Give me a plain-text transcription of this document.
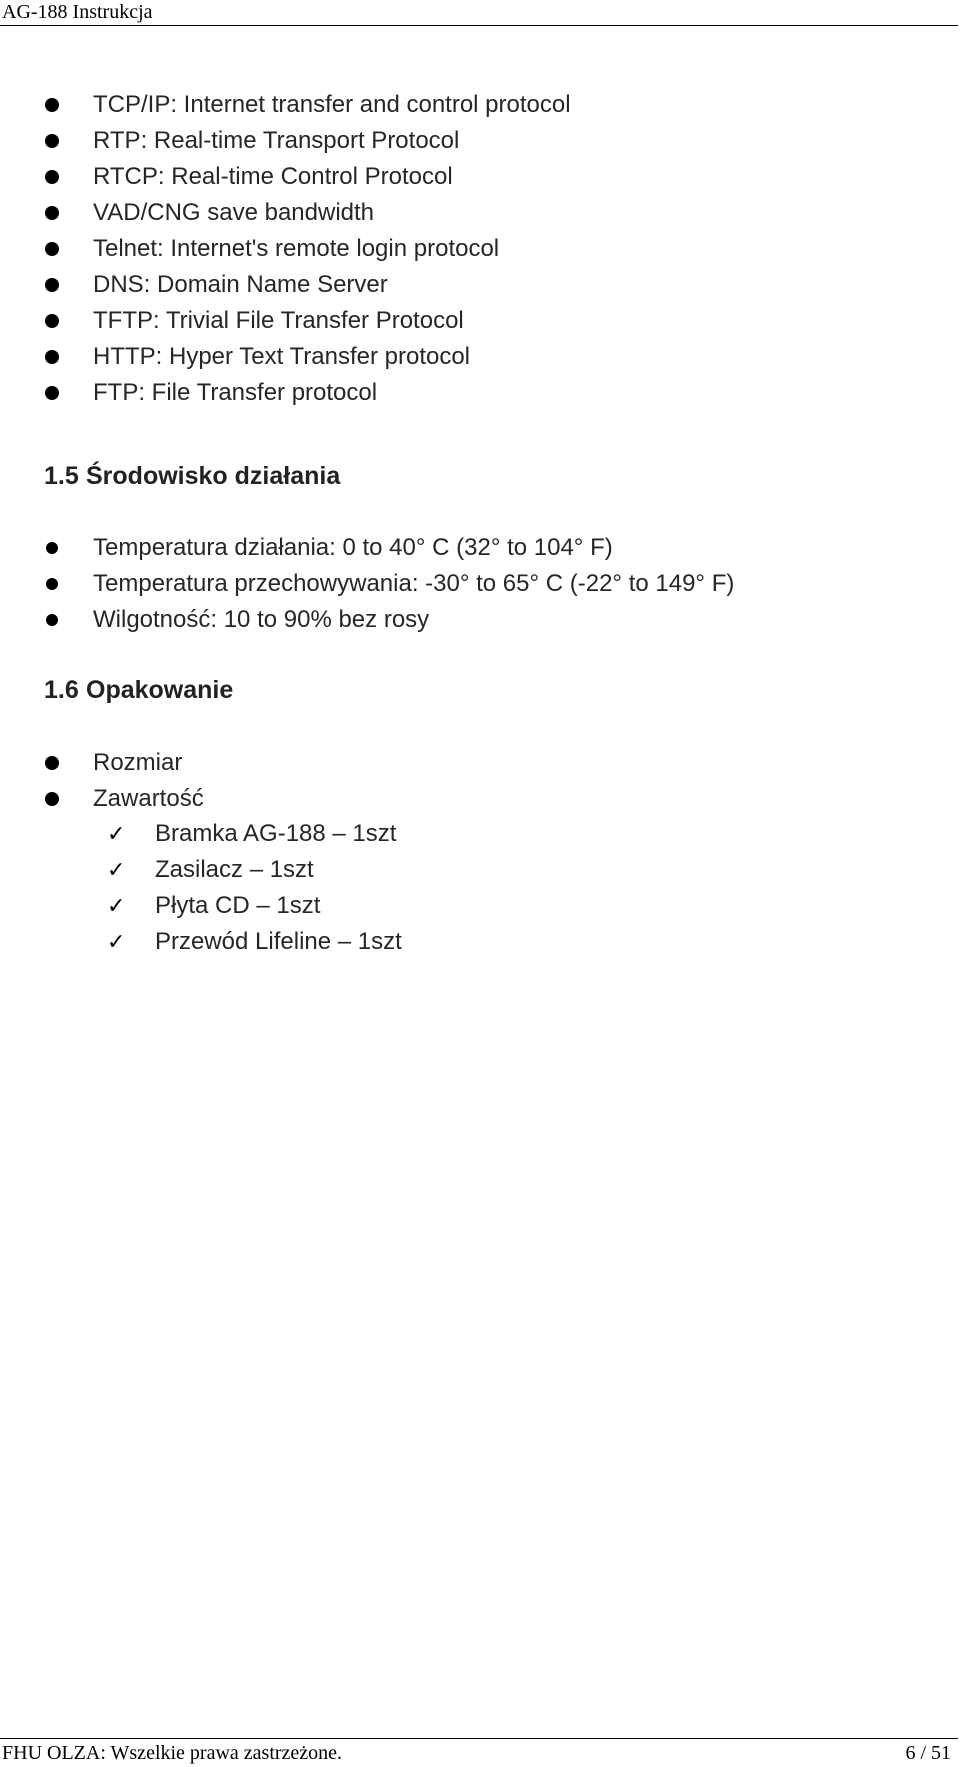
AG-188 Instrukcja
TCP/IP: Internet transfer and control protocol
RTP: Real-time Transport Protocol
RTCP: Real-time Control Protocol
VAD/CNG save bandwidth
Telnet: Internet's remote login protocol
DNS: Domain Name Server
TFTP: Trivial File Transfer Protocol
HTTP: Hyper Text Transfer protocol
FTP: File Transfer protocol
1.5 Środowisko działania
Temperatura działania: 0 to 40° C (32° to 104° F)
Temperatura przechowywania: -30° to 65° C (-22° to 149° F)
Wilgotność: 10 to 90% bez rosy
1.6 Opakowanie
Rozmiar
Zawartość
✓ Bramka AG-188 – 1szt
✓ Zasilacz – 1szt
✓ Płyta CD – 1szt
✓ Przewód Lifeline – 1szt
FHU OLZA: Wszelkie prawa zastrzeżone.	6 / 51
